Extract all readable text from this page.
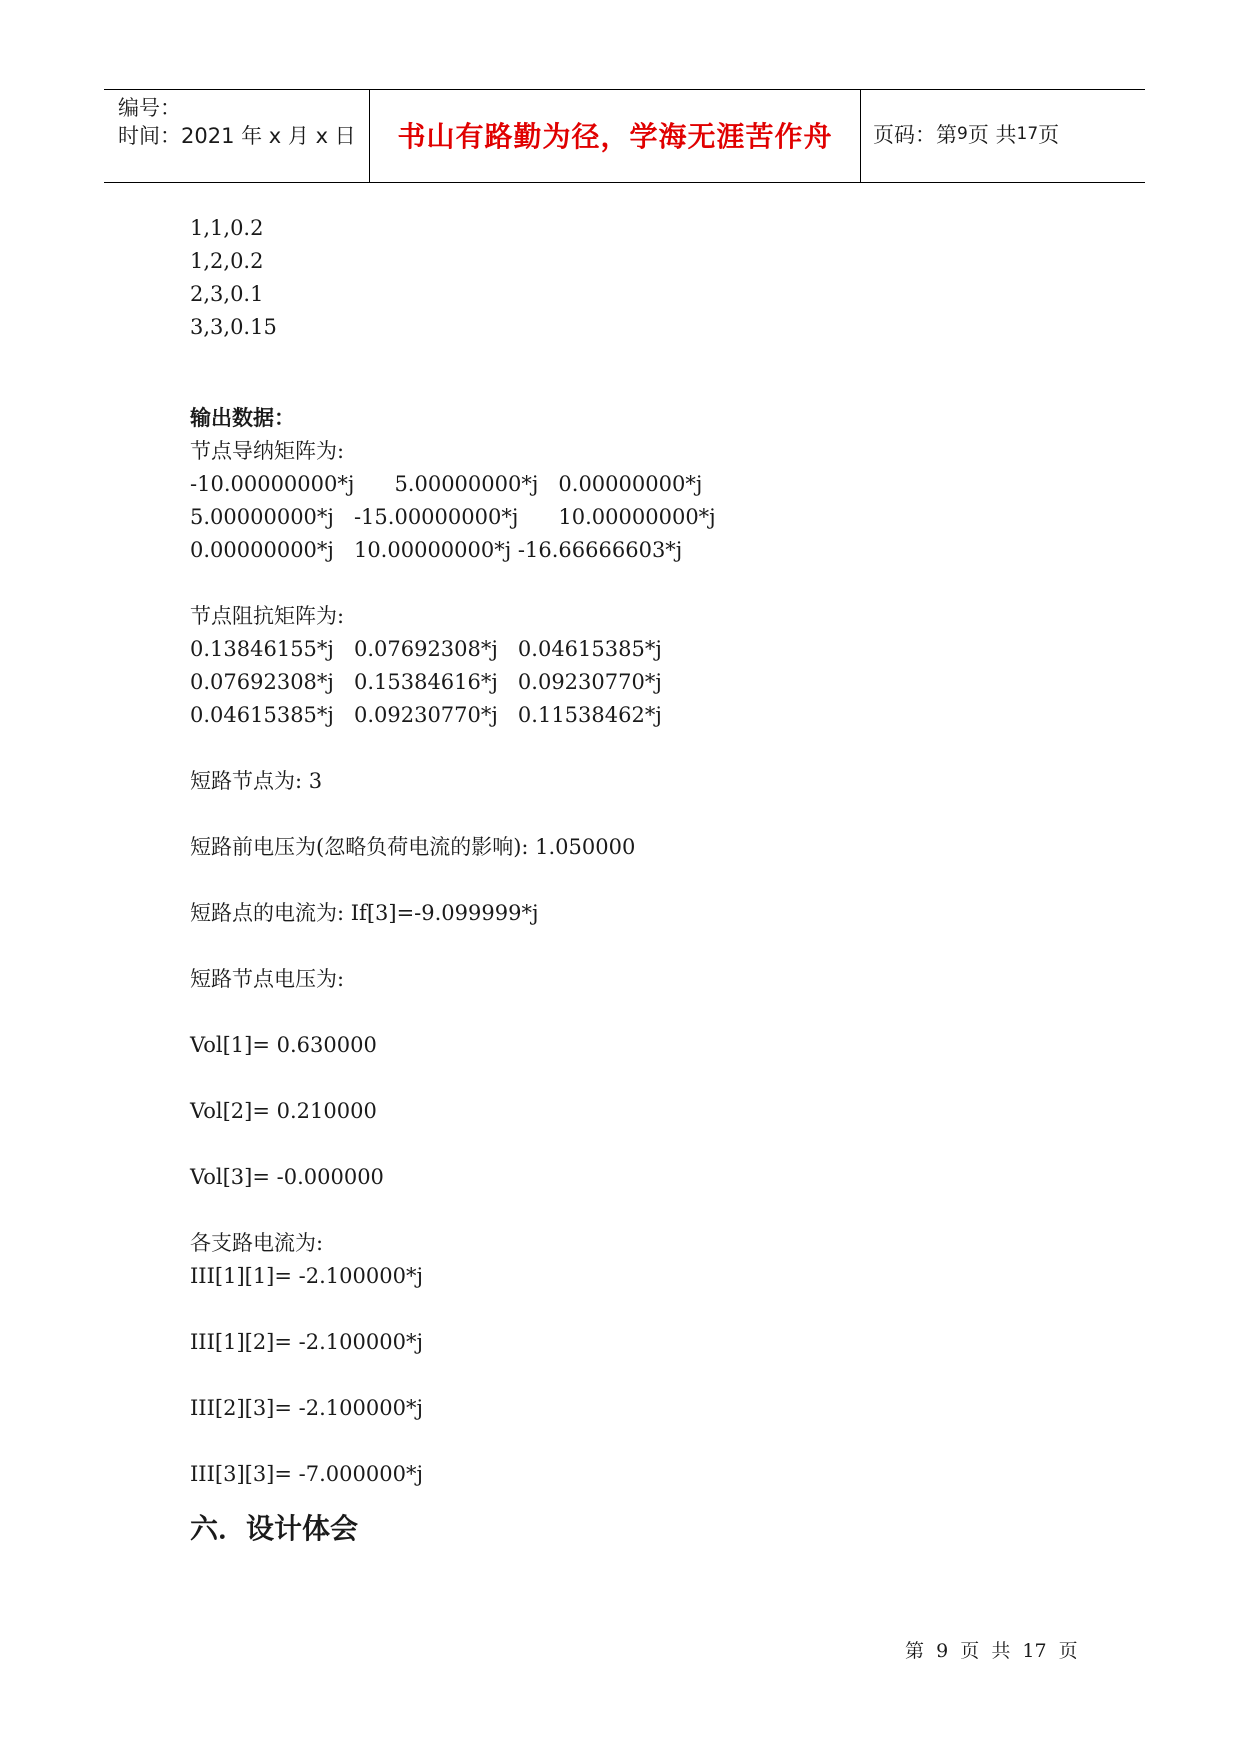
编号：
时间：2021 年 x 月 x 日	书山有路勤为径，学海无涯苦作舟	页码：第 9 页 共 17 页
1,1,0.2
1,2,0.2
2,3,0.1
3,3,0.15
输出数据：
节点导纳矩阵为:
-10.00000000*j      5.00000000*j   0.00000000*j
5.00000000*j   -15.00000000*j      10.00000000*j
0.00000000*j   10.00000000*j -16.66666603*j
节点阻抗矩阵为:
0.13846155*j   0.07692308*j   0.04615385*j
0.07692308*j   0.15384616*j   0.09230770*j
0.04615385*j   0.09230770*j   0.11538462*j
短路节点为: 3
短路前电压为(忽略负荷电流的影响): 1.050000
短路点的电流为: If[3]=-9.099999*j
短路节点电压为:
Vol[1]= 0.630000
Vol[2]= 0.210000
Vol[3]= -0.000000
各支路电流为:
III[1][1]= -2.100000*j
III[1][2]= -2.100000*j
III[2][3]= -2.100000*j
III[3][3]= -7.000000*j
六．设计体会
第  9  页  共  17  页
